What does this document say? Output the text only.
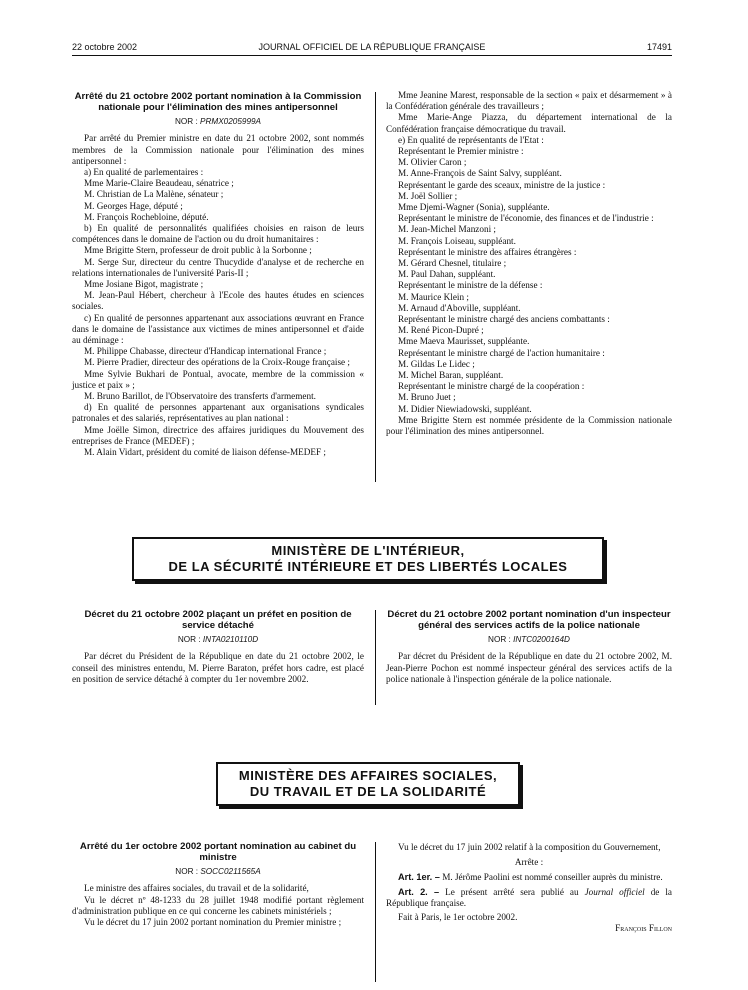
22 octobre 2002	JOURNAL OFFICIEL DE LA RÉPUBLIQUE FRANÇAISE	17491
Arrêté du 21 octobre 2002 portant nomination à la Commission nationale pour l'élimination des mines antipersonnel
NOR : PRMX0205999A

Par arrêté du Premier ministre en date du 21 octobre 2002, sont nommés membres de la Commission nationale pour l'élimination des mines antipersonnel :

a) En qualité de parlementaires :

Mme Marie-Claire Beaudeau, sénatrice ;

M. Christian de La Malène, sénateur ;

M. Georges Hage, député ;

M. François Rochebloine, député.

b) En qualité de personnalités qualifiées choisies en raison de leurs compétences dans le domaine de l'action ou du droit humanitaires :

Mme Brigitte Stern, professeur de droit public à la Sorbonne ;

M. Serge Sur, directeur du centre Thucydide d'analyse et de recherche en relations internationales de l'université Paris-II ;

Mme Josiane Bigot, magistrate ;

M. Jean-Paul Hébert, chercheur à l'Ecole des hautes études en sciences sociales.

c) En qualité de personnes appartenant aux associations œuvrant en France dans le domaine de l'assistance aux victimes de mines antipersonnel et d'aide au déminage :

M. Philippe Chabasse, directeur d'Handicap international France ;

M. Pierre Pradier, directeur des opérations de la Croix-Rouge française ;

Mme Sylvie Bukhari de Pontual, avocate, membre de la commission « justice et paix » ;

M. Bruno Barillot, de l'Observatoire des transferts d'armement.

d) En qualité de personnes appartenant aux organisations syndicales patronales et des salariés, représentatives au plan national :

Mme Joëlle Simon, directrice des affaires juridiques du Mouvement des entreprises de France (MEDEF) ;

M. Alain Vidart, président du comité de liaison défense-MEDEF ;

Mme Jeanine Marest, responsable de la section « paix et désarmement » à la Confédération générale des travailleurs ;

Mme Marie-Ange Piazza, du département international de la Confédération française démocratique du travail.

e) En qualité de représentants de l'Etat :

Représentant le Premier ministre :

M. Olivier Caron ;

M. Anne-François de Saint Salvy, suppléant.

Représentant le garde des sceaux, ministre de la justice :

M. Joël Sollier ;

Mme Djemi-Wagner (Sonia), suppléante.

Représentant le ministre de l'économie, des finances et de l'industrie :

M. Jean-Michel Manzoni ;

M. François Loiseau, suppléant.

Représentant le ministre des affaires étrangères :

M. Gérard Chesnel, titulaire ;

M. Paul Dahan, suppléant.

Représentant le ministre de la défense :

M. Maurice Klein ;

M. Arnaud d'Aboville, suppléant.

Représentant le ministre chargé des anciens combattants :

M. René Picon-Dupré ;

Mme Maeva Maurisset, suppléante.

Représentant le ministre chargé de l'action humanitaire :

M. Gildas Le Lidec ;

M. Michel Baran, suppléant.

Représentant le ministre chargé de la coopération :

M. Bruno Juet ;

M. Didier Niewiadowski, suppléant.

Mme Brigitte Stern est nommée présidente de la Commission nationale pour l'élimination des mines antipersonnel.

MINISTÈRE DE L'INTÉRIEUR,
DE LA SÉCURITÉ INTÉRIEURE ET DES LIBERTÉS LOCALES
Décret du 21 octobre 2002 plaçant un préfet en position de service détaché
NOR : INTA0210110D

Par décret du Président de la République en date du 21 octobre 2002, le conseil des ministres entendu, M. Pierre Baraton, préfet hors cadre, est placé en position de service détaché à compter du 1er novembre 2002.

Décret du 21 octobre 2002 portant nomination d'un inspecteur général des services actifs de la police nationale
NOR : INTC0200164D

Par décret du Président de la République en date du 21 octobre 2002, M. Jean-Pierre Pochon est nommé inspecteur général des services actifs de la police nationale à l'inspection générale de la police nationale.

MINISTÈRE DES AFFAIRES SOCIALES,
DU TRAVAIL ET DE LA SOLIDARITÉ
Arrêté du 1er octobre 2002 portant nomination au cabinet du ministre
NOR : SOCC0211565A

Le ministre des affaires sociales, du travail et de la solidarité,

Vu le décret nº 48-1233 du 28 juillet 1948 modifié portant règlement d'administration publique en ce qui concerne les cabinets ministériels ;

Vu le décret du 17 juin 2002 portant nomination du Premier ministre ;

Vu le décret du 17 juin 2002 relatif à la composition du Gouvernement,

Arrête :

Art. 1er. – M. Jérôme Paolini est nommé conseiller auprès du ministre.

Art. 2. – Le présent arrêté sera publié au Journal officiel de la République française.

Fait à Paris, le 1er octobre 2002.

François Fillon
